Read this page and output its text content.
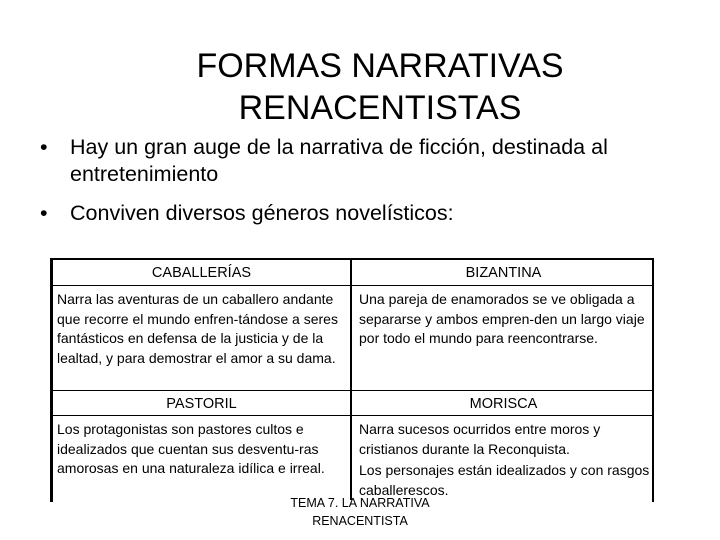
FORMAS NARRATIVAS
RENACENTISTAS
• Hay un gran auge de la narrativa de ficción, destinada al entretenimiento
• Conviven diversos géneros novelísticos:
CABALLERÍAS	BIZANTINA
Narra las aventuras de un caballero andante que recorre el mundo enfren-tándose a seres fantásticos en defensa de la justicia y de la lealtad, y para demostrar el amor a su dama.
Una pareja de enamorados se ve obligada a separarse y ambos empren-den un largo viaje por todo el mundo para reencontrarse.
PASTORIL	MORISCA
Los protagonistas son pastores cultos e idealizados que cuentan sus desventu-ras amorosas en una naturaleza idílica e irreal.
Narra sucesos ocurridos entre moros y cristianos durante la Reconquista.
Los personajes están idealizados y con rasgos caballerescos.
TEMA 7. LA NARRATIVA
RENACENTISTA
